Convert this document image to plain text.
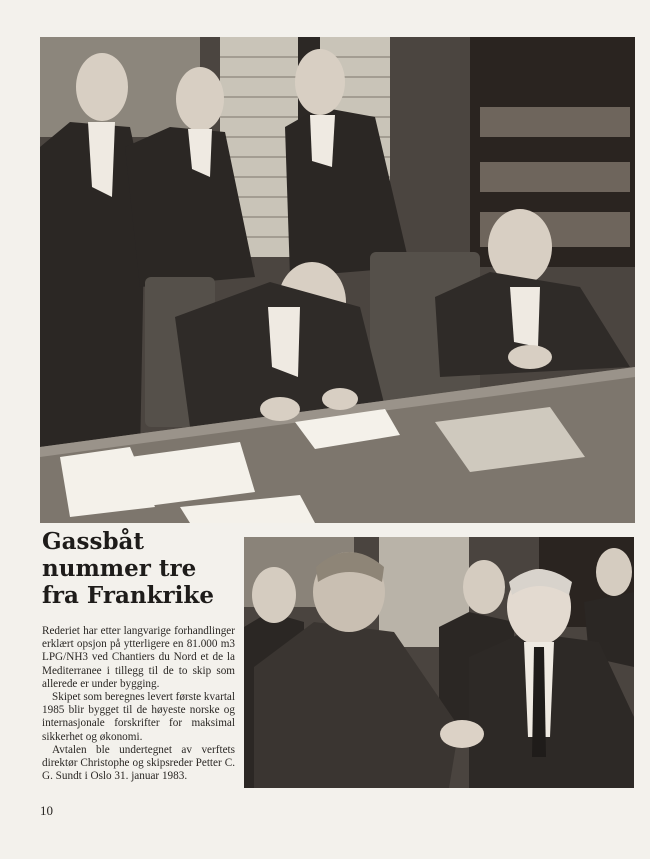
Gassbåt
nummer tre
fra Frankrike

Rederiet har etter langvarige forhandlinger erklært opsjon på ytterligere en 81.000 m3 LPG/NH3 ved Chantiers du Nord et de la Mediterranee i tillegg til de to skip som allerede er under bygging.

Skipet som beregnes levert første kvartal 1985 blir bygget til de høyeste norske og internasjonale forskrifter for maksimal sikkerhet og økonomi.

Avtalen ble undertegnet av verftets direktør Christophe og skipsreder Petter C. G. Sundt i Oslo 31. januar 1983.

10
